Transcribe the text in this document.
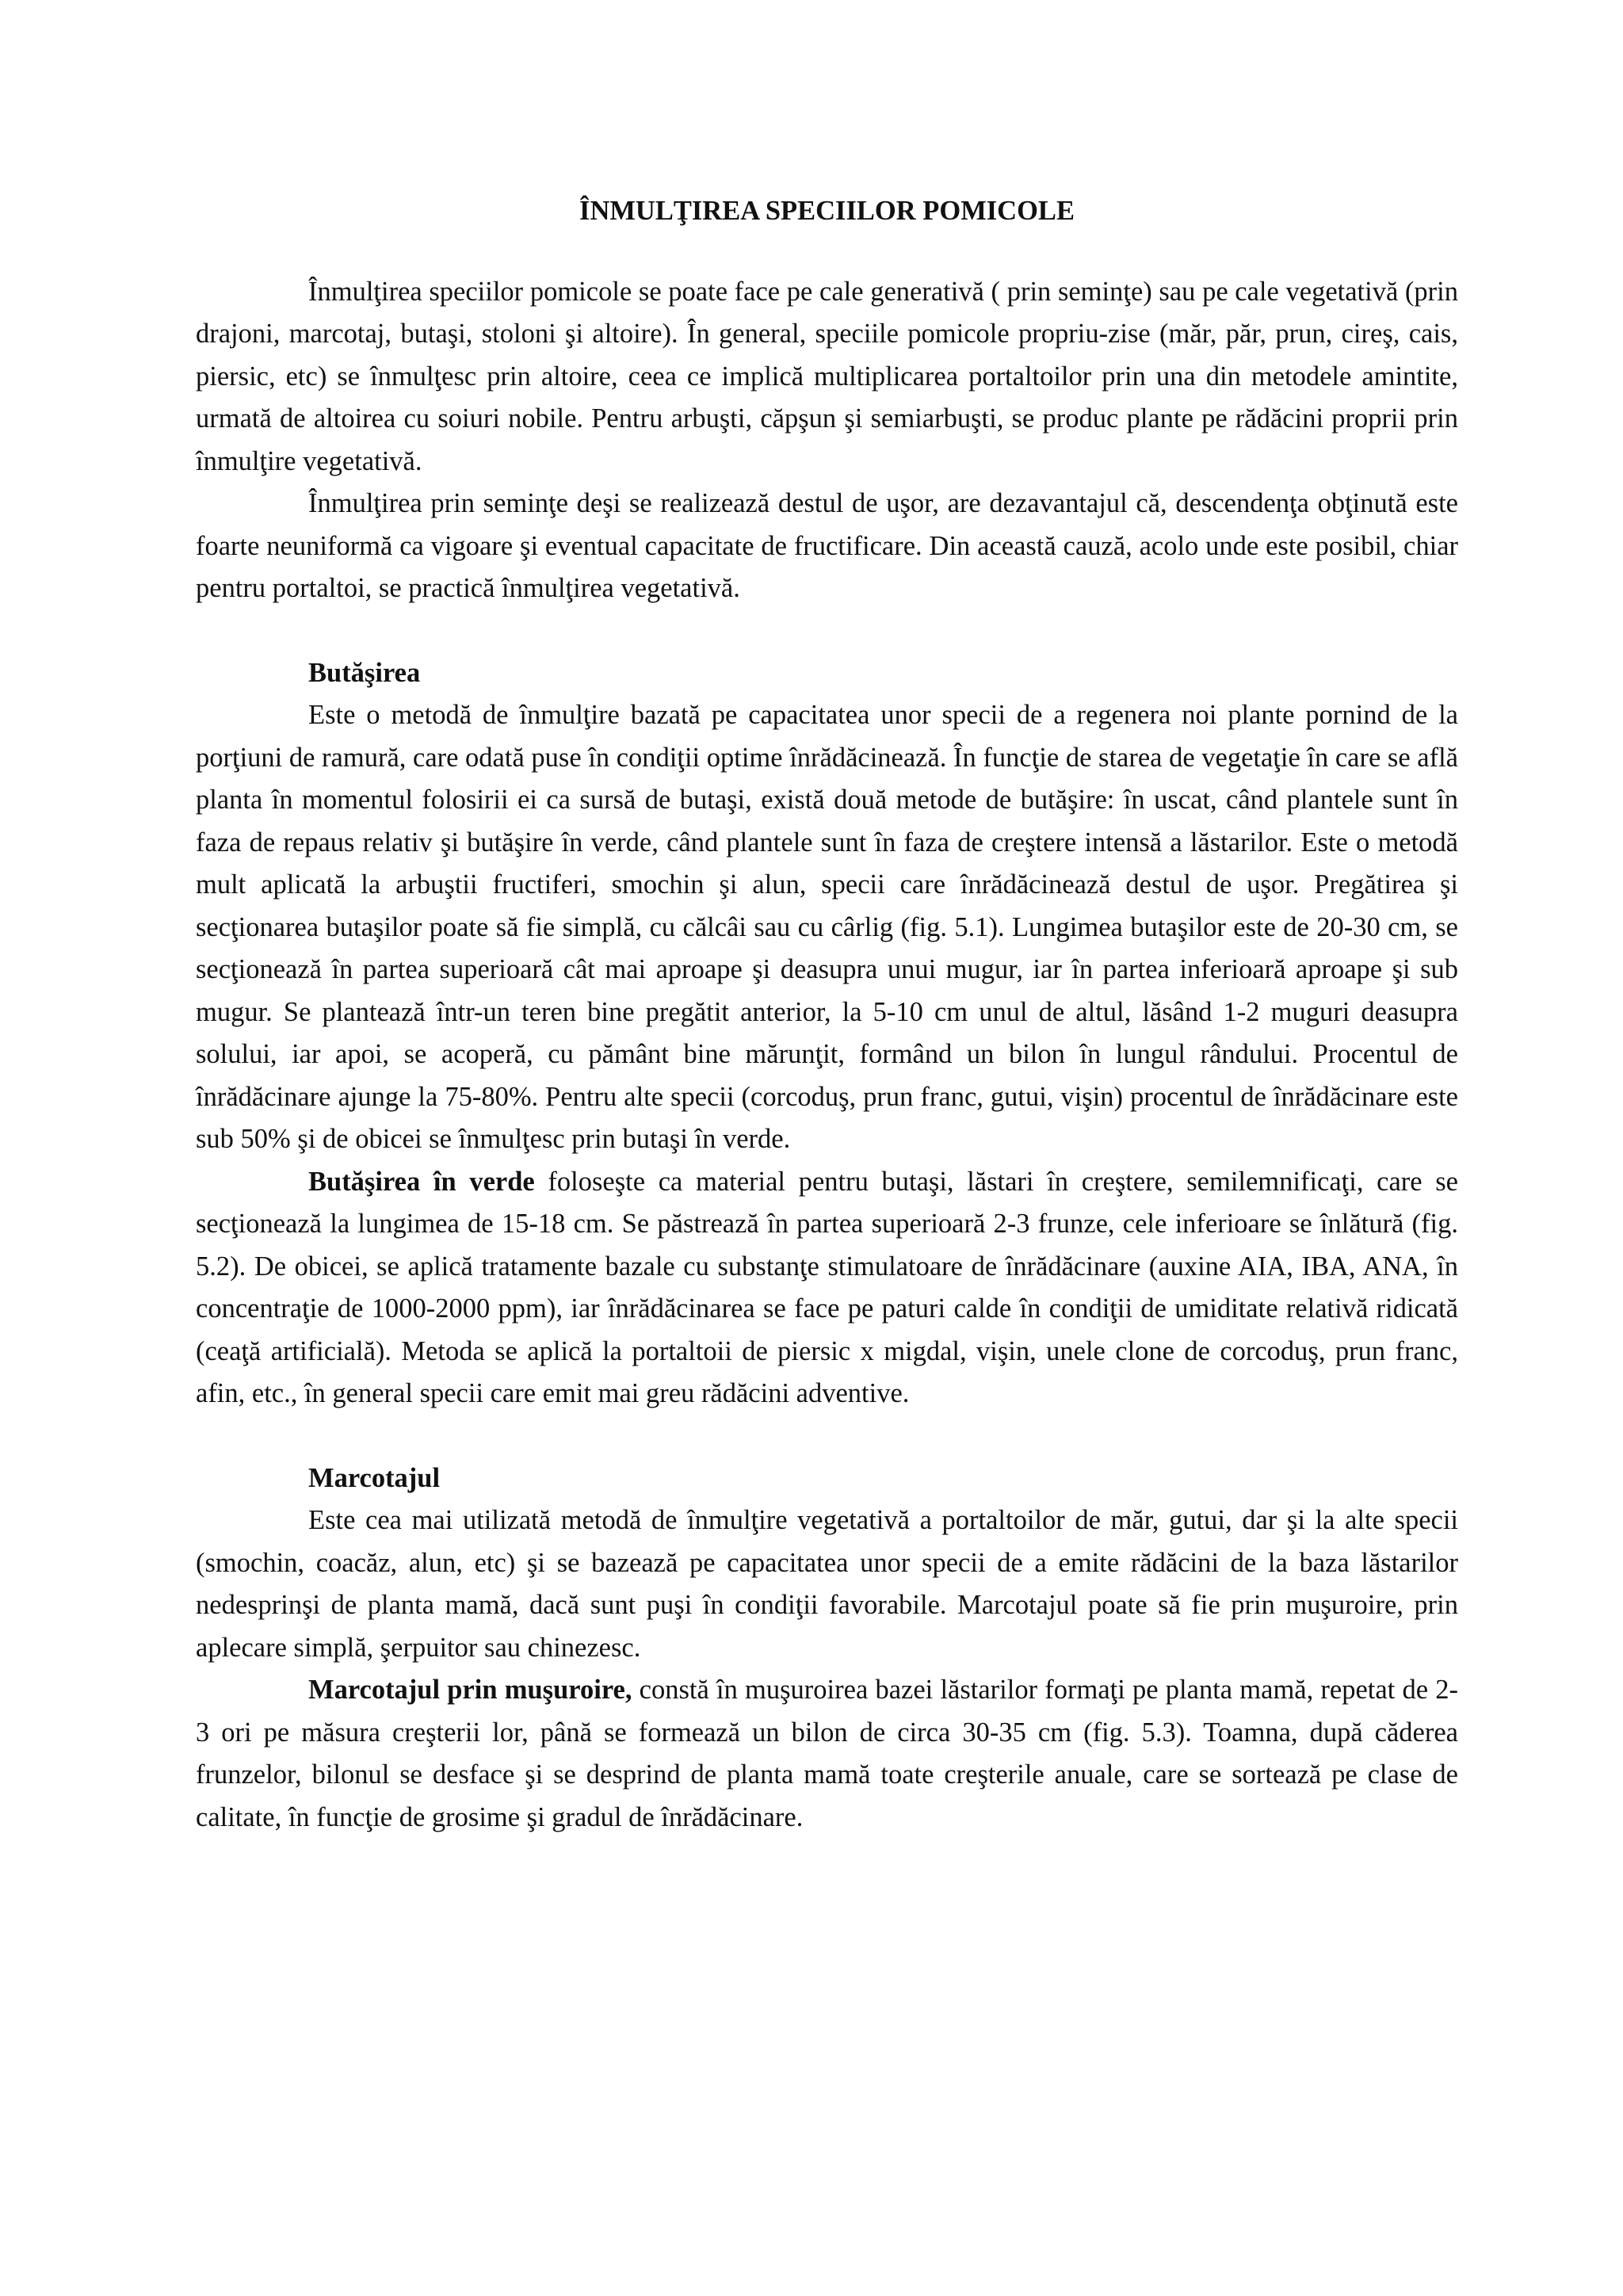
ÎNMULŢIREA SPECIILOR POMICOLE

Înmulţirea speciilor pomicole se poate face pe cale generativă ( prin seminţe) sau pe cale vegetativă (prin drajoni, marcotaj, butaşi, stoloni şi altoire). În general, speciile pomicole propriu-zise (măr, păr, prun, cireş, cais, piersic, etc) se înmulţesc prin altoire, ceea ce implică multiplicarea portaltoilor prin una din metodele amintite, urmată de altoirea cu soiuri nobile. Pentru arbuşti, căpşun şi semiarbuşti, se produc plante pe rădăcini proprii prin înmulţire vegetativă.

Înmulţirea prin seminţe deşi se realizează destul de uşor, are dezavantajul că, descendenţa obţinută este foarte neuniformă ca vigoare şi eventual capacitate de fructificare. Din această cauză, acolo unde este posibil, chiar pentru portaltoi, se practică înmulţirea vegetativă.

Butăşirea

Este o metodă de înmulţire bazată pe capacitatea unor specii de a regenera noi plante pornind de la porţiuni de ramură, care odată puse în condiţii optime înrădăcinează. În funcţie de starea de vegetaţie în care se află planta în momentul folosirii ei ca sursă de butaşi, există două metode de butăşire: în uscat, când plantele sunt în faza de repaus relativ şi butăşire în verde, când plantele sunt în faza de creştere intensă a lăstarilor. Este o metodă mult aplicată la arbuştii fructiferi, smochin şi alun, specii care înrădăcinează destul de uşor. Pregătirea şi secţionarea butaşilor poate să fie simplă, cu călcâi sau cu cârlig (fig. 5.1). Lungimea butaşilor este de 20-30 cm, se secţionează în partea superioară cât mai aproape şi deasupra unui mugur, iar în partea inferioară aproape şi sub mugur. Se plantează într-un teren bine pregătit anterior, la 5-10 cm unul de altul, lăsând 1-2 muguri deasupra solului, iar apoi, se acoperă, cu pământ bine mărunţit, formând un bilon în lungul rândului. Procentul de înrădăcinare ajunge la 75-80%. Pentru alte specii (corcoduş, prun franc, gutui, vişin) procentul de înrădăcinare este sub 50% şi de obicei se înmulţesc prin butaşi în verde.

Butăşirea în verde foloseşte ca material pentru butaşi, lăstari în creştere, semilemnificaţi, care se secţionează la lungimea de 15-18 cm. Se păstrează în partea superioară 2-3 frunze, cele inferioare se înlătură (fig. 5.2). De obicei, se aplică tratamente bazale cu substanţe stimulatoare de înrădăcinare (auxine AIA, IBA, ANA, în concentraţie de 1000-2000 ppm), iar înrădăcinarea se face pe paturi calde în condiţii de umiditate relativă ridicată (ceaţă artificială). Metoda se aplică la portaltoii de piersic x migdal, vişin, unele clone de corcoduş, prun franc, afin, etc., în general specii care emit mai greu rădăcini adventive.

Marcotajul

Este cea mai utilizată metodă de înmulţire vegetativă a portaltoilor de măr, gutui, dar şi la alte specii (smochin, coacăz, alun, etc) şi se bazează pe capacitatea unor specii de a emite rădăcini de la baza lăstarilor nedesprinşi de planta mamă, dacă sunt puşi în condiţii favorabile. Marcotajul poate să fie prin muşuroire, prin aplecare simplă, şerpuitor sau chinezesc.

Marcotajul prin muşuroire, constă în muşuroirea bazei lăstarilor formaţi pe planta mamă, repetat de 2-3 ori pe măsura creşterii lor, până se formează un bilon de circa 30-35 cm (fig. 5.3). Toamna, după căderea frunzelor, bilonul se desface şi se desprind de planta mamă toate creşterile anuale, care se sortează pe clase de calitate, în funcţie de grosime şi gradul de înrădăcinare.
